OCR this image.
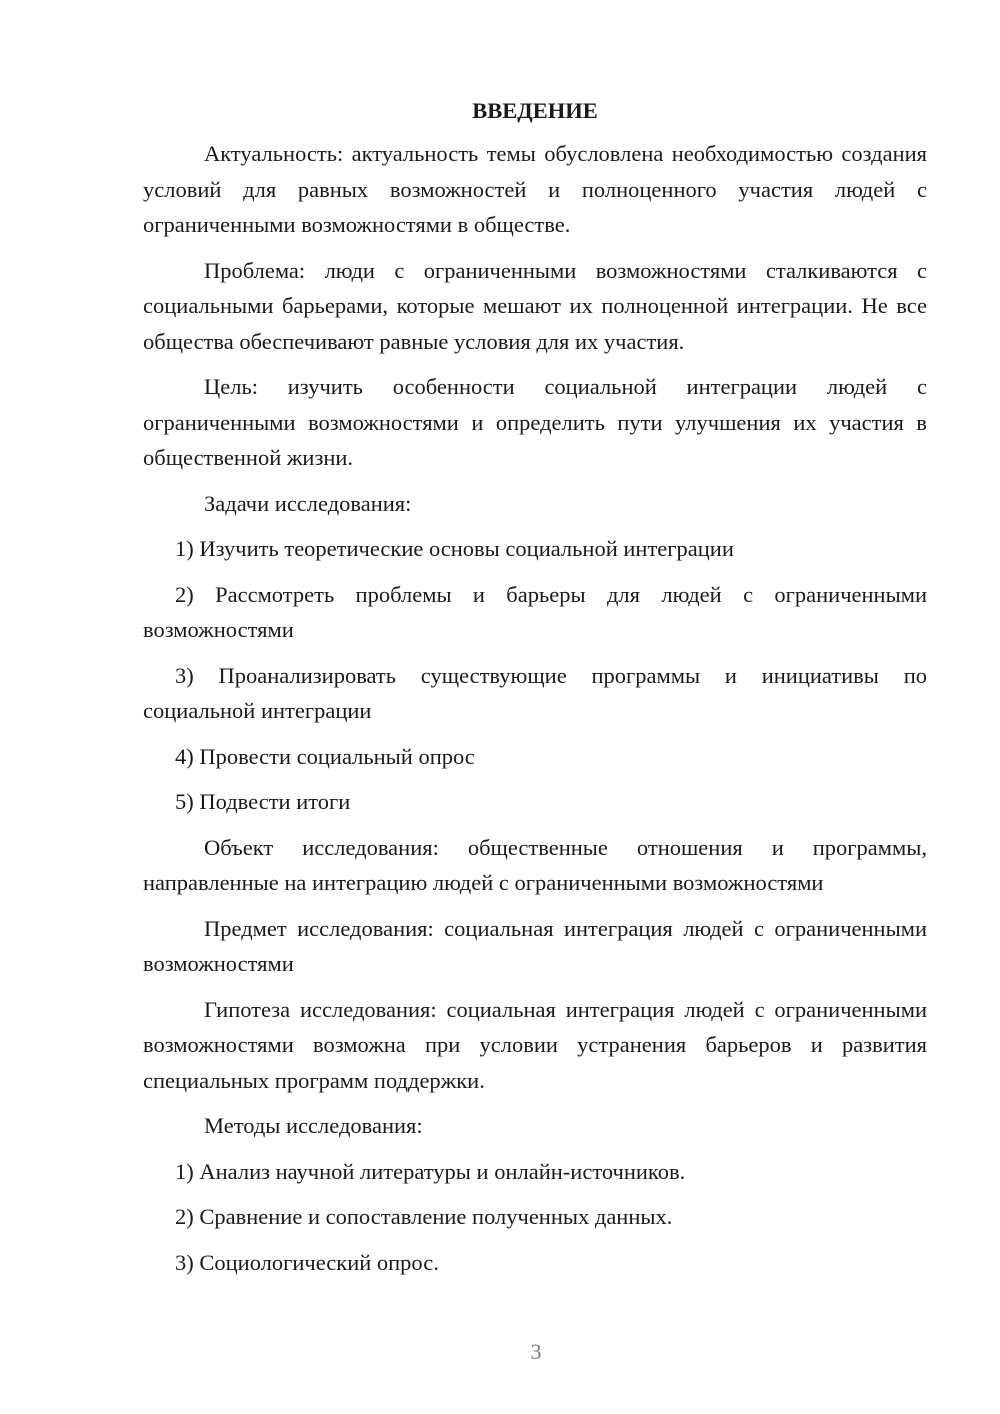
ВВЕДЕНИЕ

Актуальность: актуальность темы обусловлена необходимостью создания условий для равных возможностей и полноценного участия людей с ограниченными возможностями в обществе.

Проблема: люди с ограниченными возможностями сталкиваются с социальными барьерами, которые мешают их полноценной интеграции. Не все общества обеспечивают равные условия для их участия.

Цель: изучить особенности социальной интеграции людей с ограниченными возможностями и определить пути улучшения их участия в общественной жизни.

Задачи исследования:

1) Изучить теоретические основы социальной интеграции

2) Рассмотреть проблемы и барьеры для людей с ограниченными возможностями

3) Проанализировать существующие программы и инициативы по социальной интеграции

4) Провести социальный опрос

5) Подвести итоги

Объект исследования: общественные отношения и программы, направленные на интеграцию людей с ограниченными возможностями

Предмет исследования: социальная интеграция людей с ограниченными возможностями

Гипотеза исследования: социальная интеграция людей с ограниченными возможностями возможна при условии устранения барьеров и развития специальных программ поддержки.

Методы исследования:

1) Анализ научной литературы и онлайн-источников.

2) Сравнение и сопоставление полученных данных.

3) Социологический опрос.

3
